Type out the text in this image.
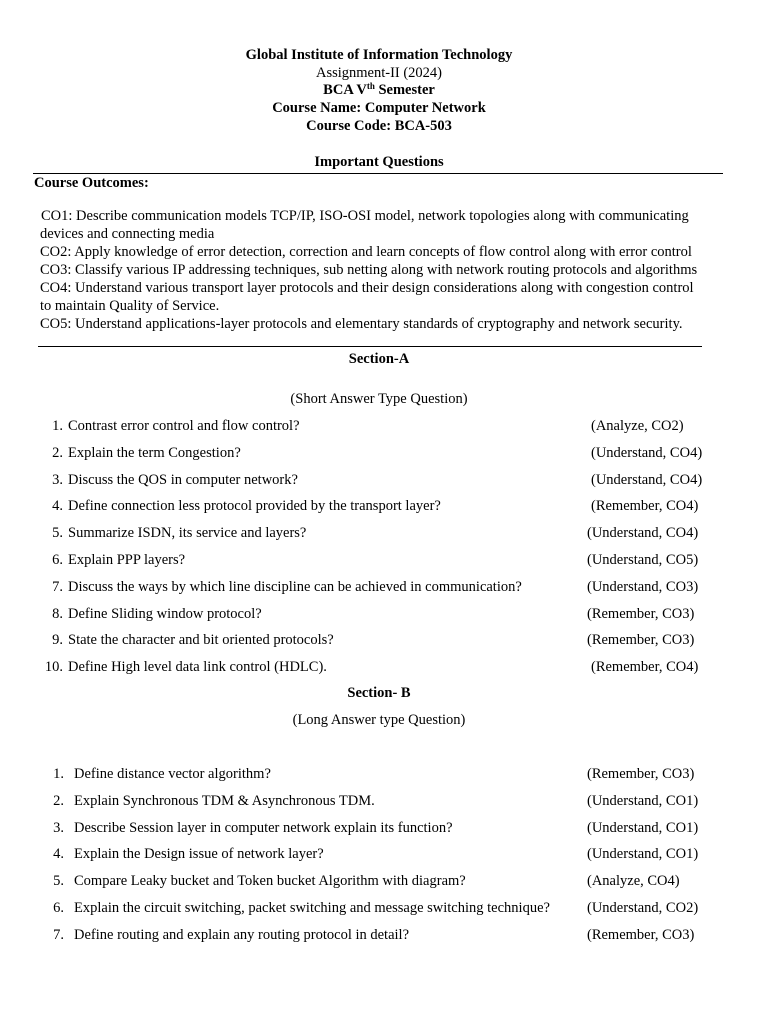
Global Institute of Information Technology
Assignment-II (2024)
BCA Vth Semester
Course Name: Computer Network
Course Code: BCA-503
Important Questions
Course Outcomes:
CO1: Describe communication models TCP/IP, ISO-OSI model, network topologies along with communicating
devices and connecting media
CO2: Apply knowledge of error detection, correction and learn concepts of flow control along with error control
CO3: Classify various IP addressing techniques, sub netting along with network routing protocols and algorithms
CO4: Understand various transport layer protocols and their design considerations along with congestion control
to maintain Quality of Service.
CO5: Understand applications-layer protocols and elementary standards of cryptography and network security.
Section-A
(Short Answer Type Question)
1. Contrast error control and flow control?	(Analyze, CO2)
2. Explain the term Congestion?	(Understand, CO4)
3. Discuss the QOS in computer network?	(Understand, CO4)
4. Define connection less protocol provided by the transport layer?	(Remember, CO4)
5. Summarize ISDN, its service and layers?	(Understand, CO4)
6. Explain PPP layers?	(Understand, CO5)
7. Discuss the ways by which line discipline can be achieved in communication?	(Understand, CO3)
8. Define Sliding window protocol?	(Remember, CO3)
9. State the character and bit oriented protocols?	(Remember, CO3)
10. Define High level data link control (HDLC).	(Remember, CO4)
Section- B
(Long Answer type Question)
1. Define distance vector algorithm?	(Remember, CO3)
2. Explain Synchronous TDM & Asynchronous TDM.	(Understand, CO1)
3. Describe Session layer in computer network explain its function?	(Understand, CO1)
4. Explain the Design issue of network layer?	(Understand, CO1)
5. Compare Leaky bucket and Token bucket Algorithm with diagram?	(Analyze, CO4)
6. Explain the circuit switching, packet switching and message switching technique?	(Understand, CO2)
7. Define routing and explain any routing protocol in detail?	(Remember, CO3)
